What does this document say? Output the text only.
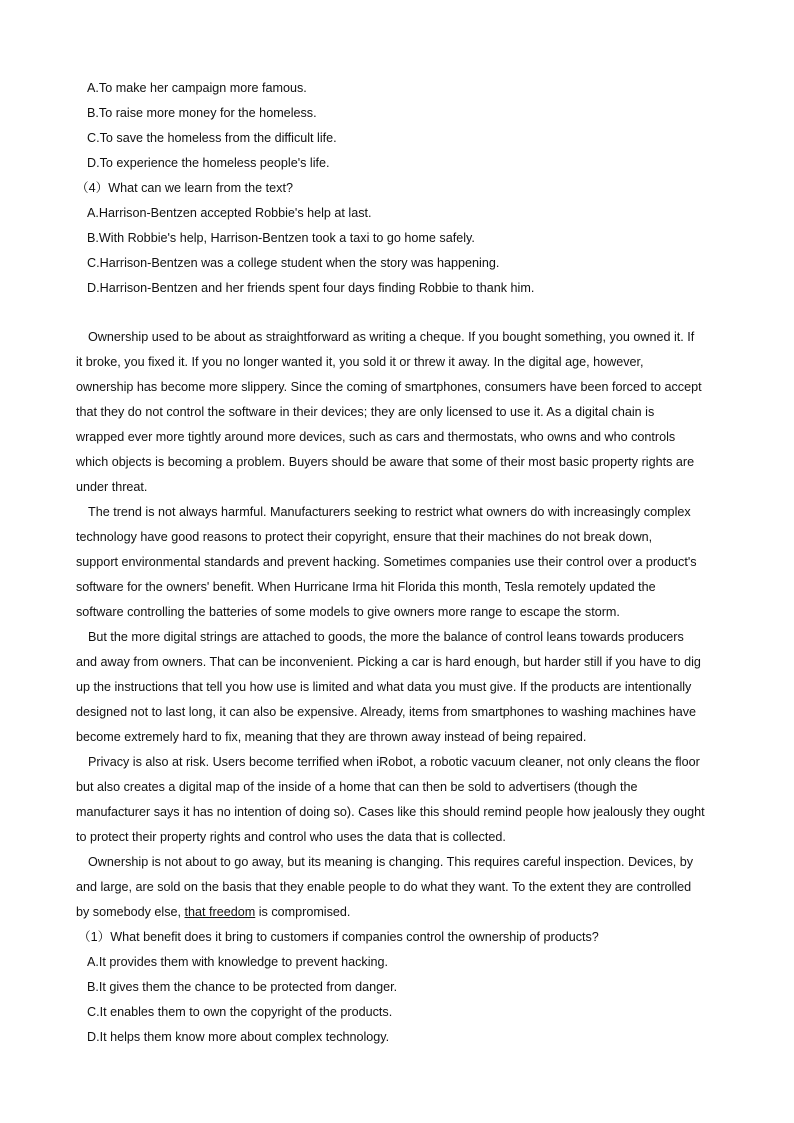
A.To make her campaign more famous.
B.To raise more money for the homeless.
C.To save the homeless from the difficult life.
D.To experience the homeless people's life.
（4）What can we learn from the text?
A.Harrison-Bentzen accepted Robbie's help at last.
B.With Robbie's help, Harrison-Bentzen took a taxi to go home safely.
C.Harrison-Bentzen was a college student when the story was happening.
D.Harrison-Bentzen and her friends spent four days finding Robbie to thank him.
Ownership used to be about as straightforward as writing a cheque. If you bought something, you owned it. If
it broke, you fixed it. If you no longer wanted it, you sold it or threw it away. In the digital age, however,
ownership has become more slippery. Since the coming of smartphones, consumers have been forced to accept
that they do not control the software in their devices; they are only licensed to use it. As a digital chain is
wrapped ever more tightly around more devices, such as cars and thermostats, who owns and who controls
which objects is becoming a problem. Buyers should be aware that some of their most basic property rights are
under threat.
The trend is not always harmful. Manufacturers seeking to restrict what owners do with increasingly complex
technology have good reasons to protect their copyright, ensure that their machines do not break down,
support environmental standards and prevent hacking. Sometimes companies use their control over a product's
software for the owners' benefit. When Hurricane Irma hit Florida this month, Tesla remotely updated the
software controlling the batteries of some models to give owners more range to escape the storm.
But the more digital strings are attached to goods, the more the balance of control leans towards producers
and away from owners. That can be inconvenient. Picking a car is hard enough, but harder still if you have to dig
up the instructions that tell you how use is limited and what data you must give. If the products are intentionally
designed not to last long, it can also be expensive. Already, items from smartphones to washing machines have
become extremely hard to fix, meaning that they are thrown away instead of being repaired.
Privacy is also at risk. Users become terrified when iRobot, a robotic vacuum cleaner, not only cleans the floor
but also creates a digital map of the inside of a home that can then be sold to advertisers (though the
manufacturer says it has no intention of doing so). Cases like this should remind people how jealously they ought
to protect their property rights and control who uses the data that is collected.
Ownership is not about to go away, but its meaning is changing. This requires careful inspection. Devices, by
and large, are sold on the basis that they enable people to do what they want. To the extent they are controlled
by somebody else, that freedom is compromised.
（1）What benefit does it bring to customers if companies control the ownership of products?
A.It provides them with knowledge to prevent hacking.
B.It gives them the chance to be protected from danger.
C.It enables them to own the copyright of the products.
D.It helps them know more about complex technology.
